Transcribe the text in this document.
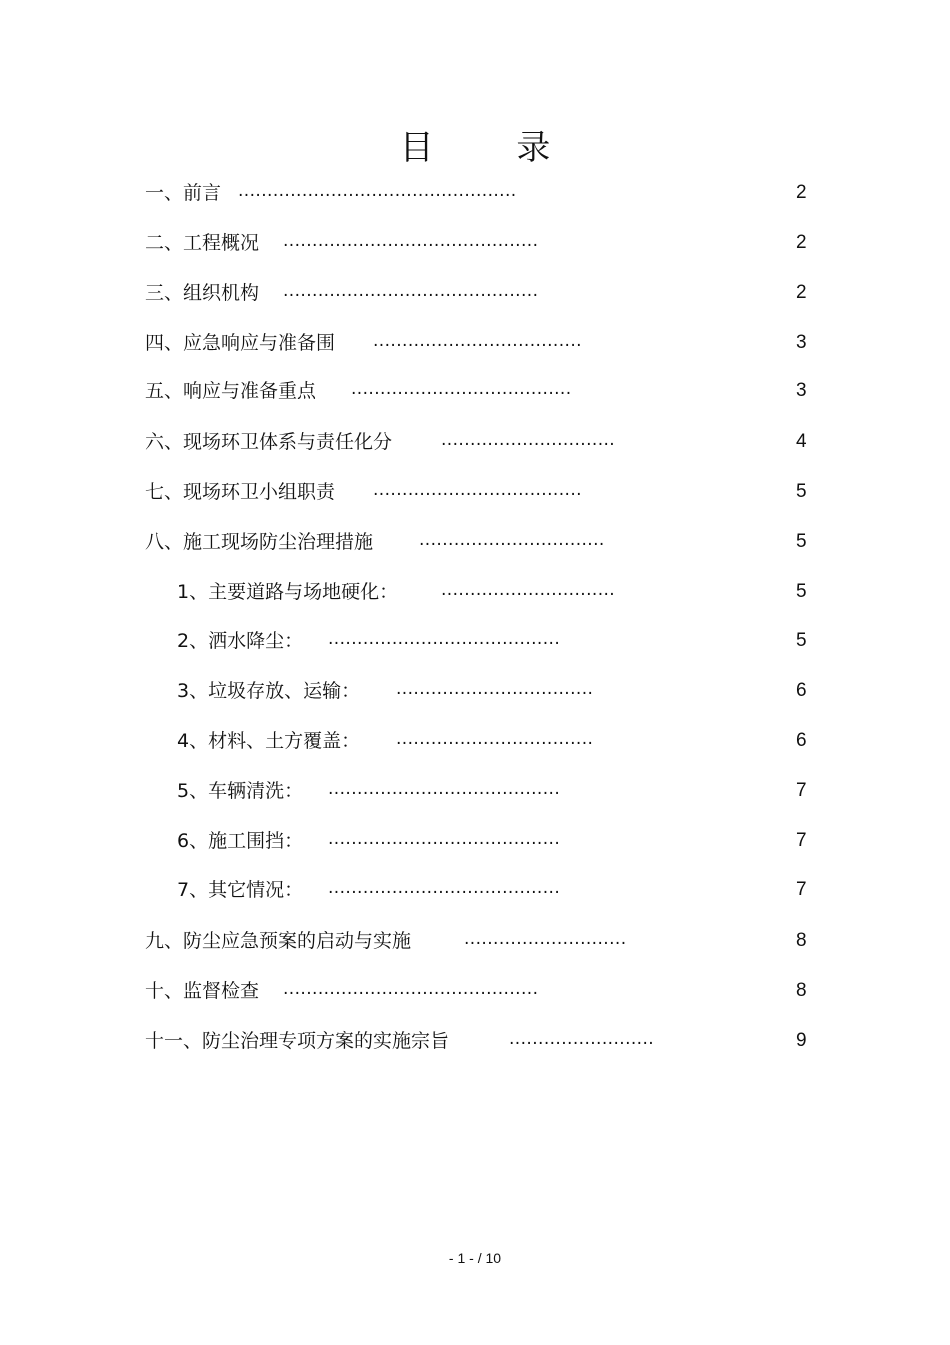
目 录
一、前言 ................................................	2
二、工程概况 ............................................	2
三、组织机构 ............................................	2
四、应急响应与准备围 ....................................	3
五、响应与准备重点 ......................................	3
六、现场环卫体系与责任化分	..............................	4
七、现场环卫小组职责 ....................................	5
八、施工现场防尘治理措施	................................	5
1、主要道路与场地硬化：	..............................	5
2、洒水降尘： ........................................	5
3、垃圾存放、运输： ..................................	6
4、材料、土方覆盖： ..................................	6
5、车辆清洗： ........................................	7
6、施工围挡： ........................................	7
7、其它情况： ........................................	7
九、防尘应急预案的启动与实施	............................	8
十、监督检查 ............................................	8
十一、防尘治理专项方案的实施宗旨	.........................	9
- 1 - / 10
